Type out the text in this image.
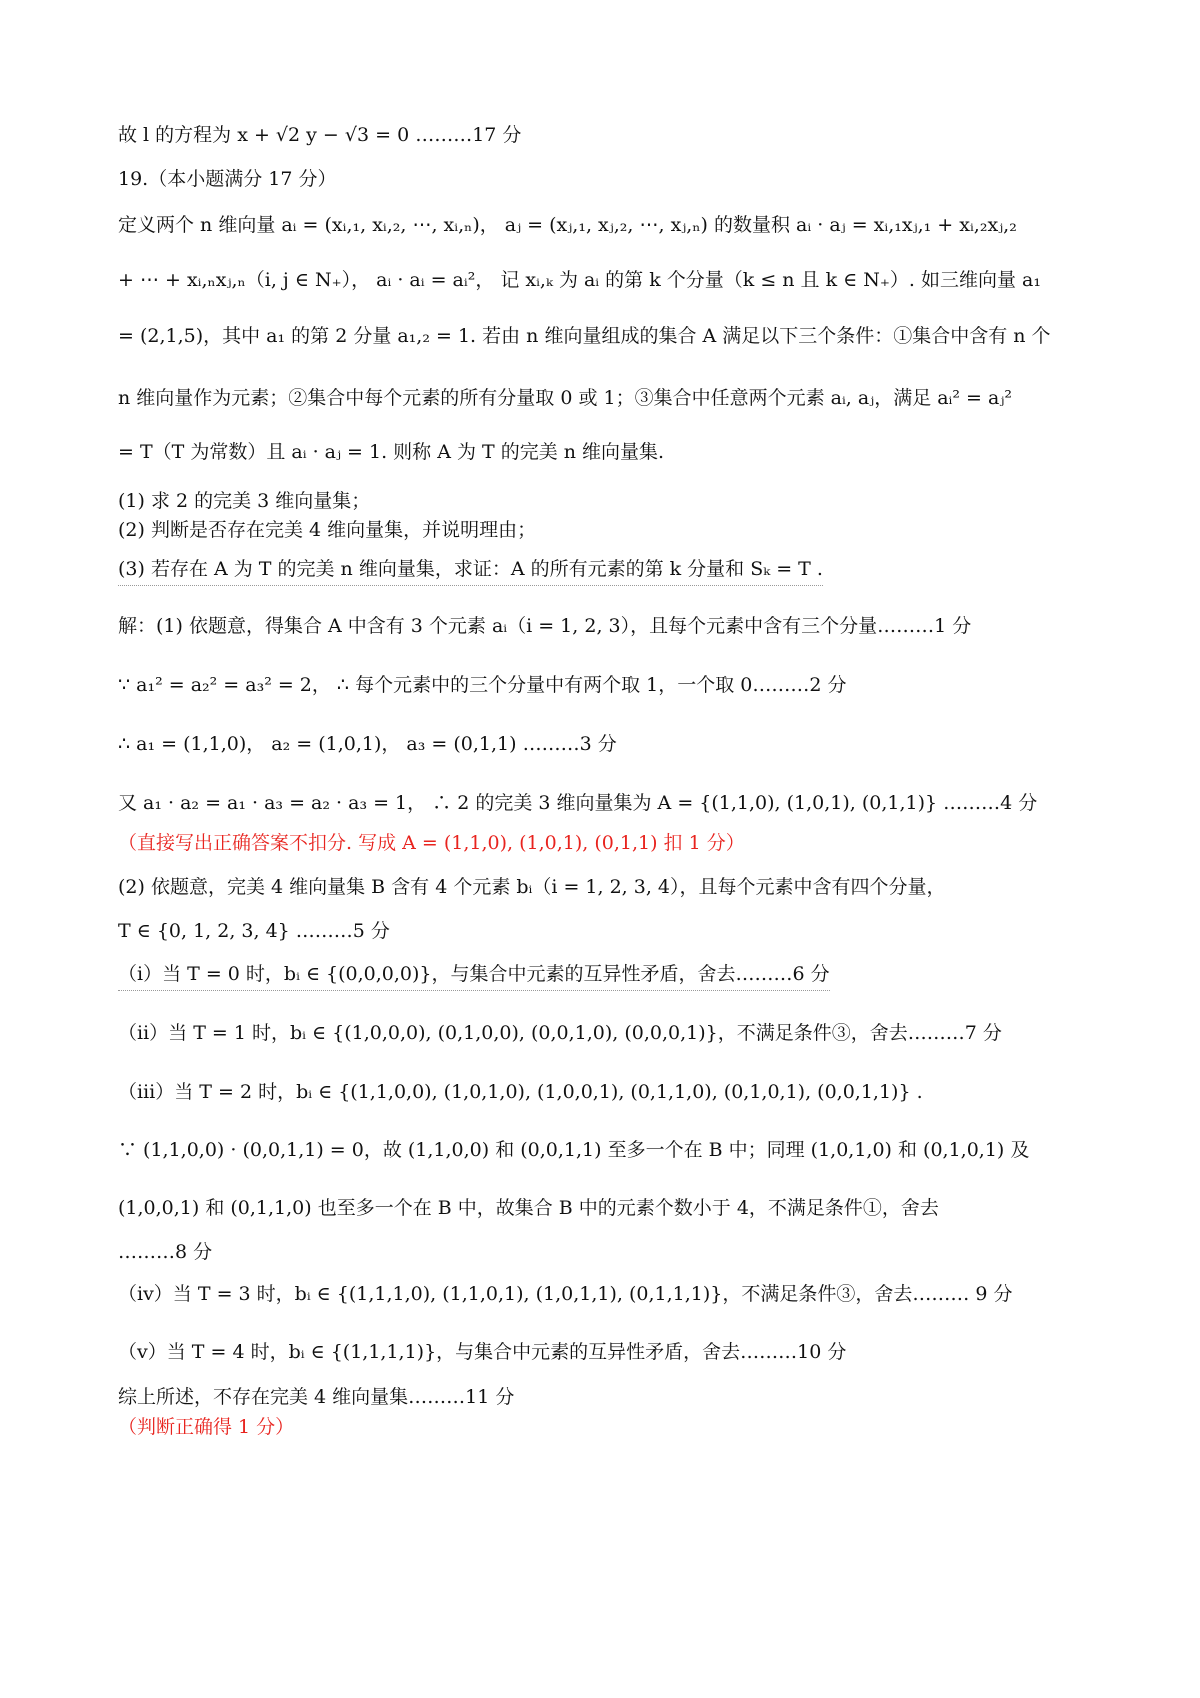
故 l 的方程为 x + √2 y − √3 = 0 ………17 分
19.（本小题满分 17 分）
定义两个 n 维向量 aᵢ = (xᵢ,₁, xᵢ,₂, ⋯, xᵢ,ₙ)， aⱼ = (xⱼ,₁, xⱼ,₂, ⋯, xⱼ,ₙ) 的数量积 aᵢ · aⱼ = xᵢ,₁xⱼ,₁ + xᵢ,₂xⱼ,₂
+ ⋯ + xᵢ,ₙxⱼ,ₙ（i, j ∈ N₊）， aᵢ · aᵢ = aᵢ²， 记 xᵢ,ₖ 为 aᵢ 的第 k 个分量（k ≤ n 且 k ∈ N₊）. 如三维向量 a₁
= (2,1,5)，其中 a₁ 的第 2 分量 a₁,₂ = 1. 若由 n 维向量组成的集合 A 满足以下三个条件：①集合中含有 n 个
n 维向量作为元素；②集合中每个元素的所有分量取 0 或 1；③集合中任意两个元素 aᵢ, aⱼ，满足 aᵢ² = aⱼ²
= T（T 为常数）且 aᵢ · aⱼ = 1. 则称 A 为 T 的完美 n 维向量集.
(1) 求 2 的完美 3 维向量集；
(2) 判断是否存在完美 4 维向量集，并说明理由；
(3) 若存在 A 为 T 的完美 n 维向量集，求证：A 的所有元素的第 k 分量和 Sₖ = T .
解：(1) 依题意，得集合 A 中含有 3 个元素 aᵢ（i = 1, 2, 3），且每个元素中含有三个分量………1 分
∵ a₁² = a₂² = a₃² = 2， ∴ 每个元素中的三个分量中有两个取 1，一个取 0………2 分
∴ a₁ = (1,1,0)， a₂ = (1,0,1)， a₃ = (0,1,1) ………3 分
又 a₁ · a₂ = a₁ · a₃ = a₂ · a₃ = 1， ∴ 2 的完美 3 维向量集为 A = {(1,1,0), (1,0,1), (0,1,1)} ………4 分
（直接写出正确答案不扣分. 写成 A = (1,1,0), (1,0,1), (0,1,1) 扣 1 分）
(2) 依题意，完美 4 维向量集 B 含有 4 个元素 bᵢ（i = 1, 2, 3, 4），且每个元素中含有四个分量，
T ∈ {0, 1, 2, 3, 4} ………5 分
（ⅰ）当 T = 0 时，bᵢ ∈ {(0,0,0,0)}，与集合中元素的互异性矛盾，舍去………6 分
（ⅱ）当 T = 1 时，bᵢ ∈ {(1,0,0,0), (0,1,0,0), (0,0,1,0), (0,0,0,1)}，不满足条件③，舍去………7 分
（ⅲ）当 T = 2 时，bᵢ ∈ {(1,1,0,0), (1,0,1,0), (1,0,0,1), (0,1,1,0), (0,1,0,1), (0,0,1,1)} .
∵ (1,1,0,0) · (0,0,1,1) = 0，故 (1,1,0,0) 和 (0,0,1,1) 至多一个在 B 中；同理 (1,0,1,0) 和 (0,1,0,1) 及
(1,0,0,1) 和 (0,1,1,0) 也至多一个在 B 中，故集合 B 中的元素个数小于 4，不满足条件①，舍去
………8 分
（ⅳ）当 T = 3 时，bᵢ ∈ {(1,1,1,0), (1,1,0,1), (1,0,1,1), (0,1,1,1)}，不满足条件③，舍去……… 9 分
（ⅴ）当 T = 4 时，bᵢ ∈ {(1,1,1,1)}，与集合中元素的互异性矛盾，舍去………10 分
综上所述，不存在完美 4 维向量集………11 分
（判断正确得 1 分）
